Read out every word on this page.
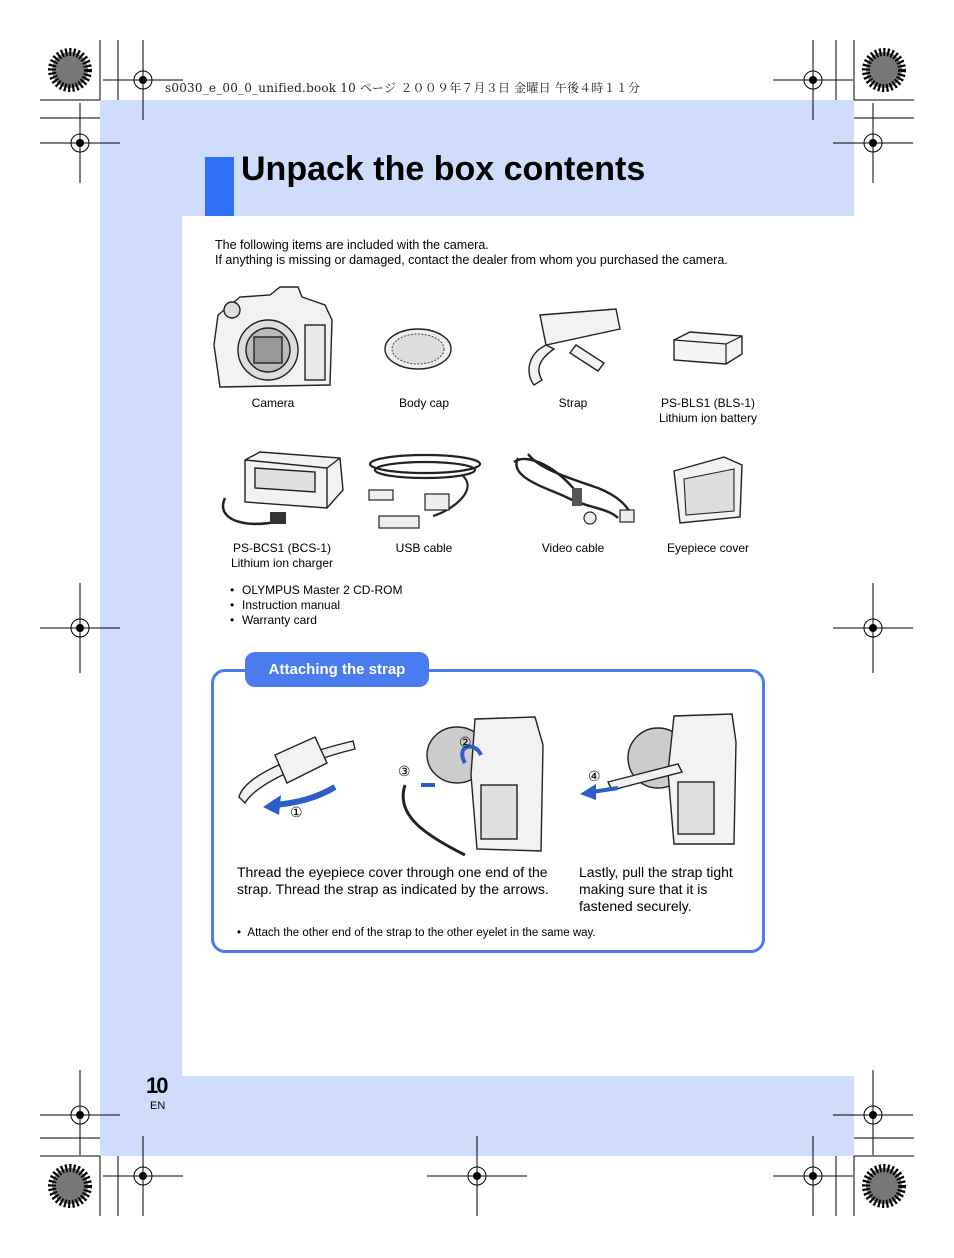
s0030_e_00_0_unified.book 10 ページ ２００９年７月３日 金曜日 午後４時１１分
Unpack the box contents
The following items are included with the camera.
If anything is missing or damaged, contact the dealer from whom you purchased the camera.
Camera	Body cap	Strap	PS-BLS1 (BLS-1)
Lithium ion battery
PS-BCS1 (BCS-1)
Lithium ion charger
USB cable	Video cable	Eyepiece cover
• OLYMPUS Master 2 CD-ROM
• Instruction manual
• Warranty card
Attaching the strap
①
②
③	④
Thread the eyepiece cover through one end of the strap. Thread the strap as indicated by the arrows.
Lastly, pull the strap tight making sure that it is fastened securely.
•  Attach the other end of the strap to the other eyelet in the same way.
10
EN
